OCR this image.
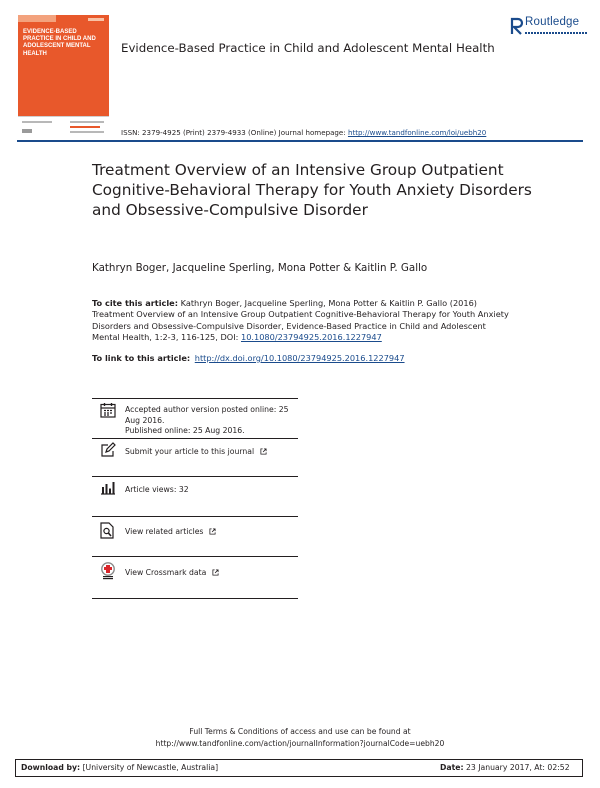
EVIDENCE-BASED PRACTICE IN CHILD AND ADOLESCENT MENTAL HEALTH
Routledge
Evidence-Based Practice in Child and Adolescent Mental Health
ISSN: 2379-4925 (Print) 2379-4933 (Online) Journal homepage: http://www.tandfonline.com/loi/uebh20
Treatment Overview of an Intensive Group Outpatient Cognitive-Behavioral Therapy for Youth Anxiety Disorders and Obsessive-Compulsive Disorder
Kathryn Boger, Jacqueline Sperling, Mona Potter & Kaitlin P. Gallo
To cite this article: Kathryn Boger, Jacqueline Sperling, Mona Potter & Kaitlin P. Gallo (2016) Treatment Overview of an Intensive Group Outpatient Cognitive-Behavioral Therapy for Youth Anxiety Disorders and Obsessive-Compulsive Disorder, Evidence-Based Practice in Child and Adolescent Mental Health, 1:2-3, 116-125, DOI: 10.1080/23794925.2016.1227947
To link to this article: http://dx.doi.org/10.1080/23794925.2016.1227947
Accepted author version posted online: 25 Aug 2016.
Published online: 25 Aug 2016.
Submit your article to this journal
Article views: 32
View related articles
View Crossmark data
Full Terms & Conditions of access and use can be found at
http://www.tandfonline.com/action/journalInformation?journalCode=uebh20
Download by: [University of Newcastle, Australia]	Date: 23 January 2017, At: 02:52
